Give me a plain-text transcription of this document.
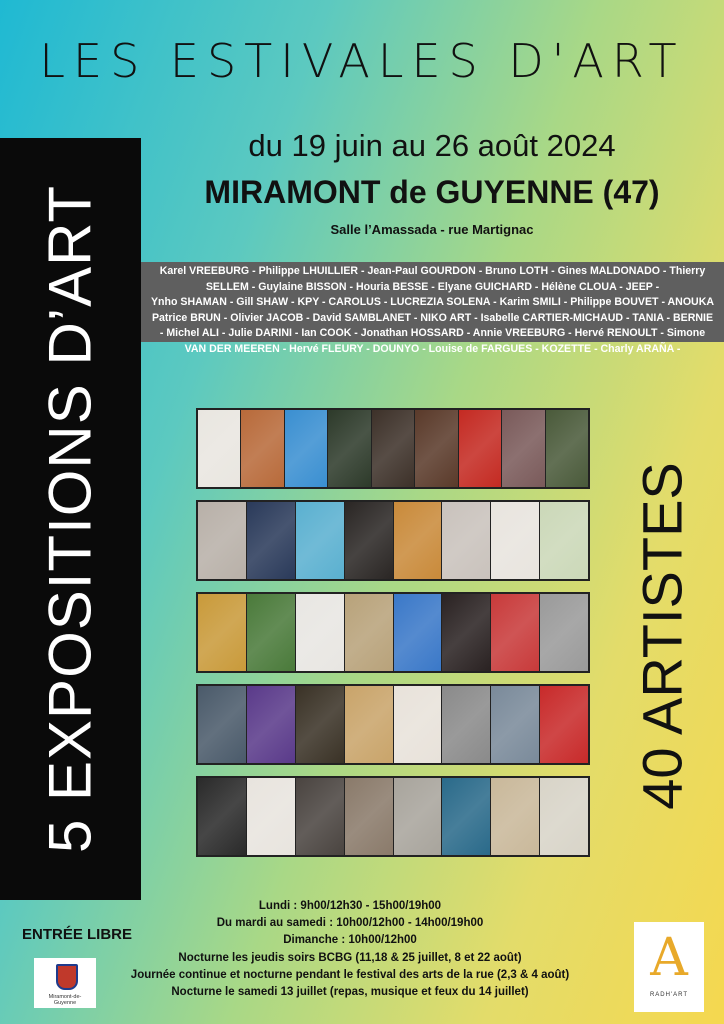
LES ESTIVALES D'ART
du 19 juin au 26 août 2024
MIRAMONT de GUYENNE (47)
Salle l’Amassada - rue Martignac
5 EXPOSITIONS D’ART	Karel VREEBURG - Philippe LHUILLIER - Jean-Paul GOURDON - Bruno LOTH - Gines MALDONADO - Thierry
SELLEM - Guylaine BISSON - Houria BESSE - Elyane GUICHARD - Hélène CLOUA - JEEP -
Ynho SHAMAN - Gill SHAW - KPY - CAROLUS - LUCREZIA SOLENA - Karim SMILI - Philippe BOUVET - ANOUKA
Patrice BRUN - Olivier JACOB - David SAMBLANET - NIKO ART - Isabelle CARTIER-MICHAUD - TANIA - BERNIE
- Michel ALI - Julie DARINI - Ian COOK - Jonathan HOSSARD - Annie VREEBURG - Hervé RENOULT - Simone
VAN DER MEEREN - Hervé FLEURY - DOUNYO - Louise de FARGUES - KOZETTE - Charly ARAÑA -
40 ARTISTES
ENTRÉE LIBRE
Lundi : 9h00/12h30 - 15h00/19h00
Du mardi au samedi : 10h00/12h00 - 14h00/19h00
Dimanche : 10h00/12h00
Nocturne les jeudis soirs BCBG (11,18 & 25 juillet, 8 et 22 août)
Journée continue et nocturne pendant le festival des arts de la rue (2,3 & 4 août)
Nocturne le samedi 13 juillet (repas, musique et feux du 14 juillet)
Miramont-de-Guyenne
A
RADH'ART
